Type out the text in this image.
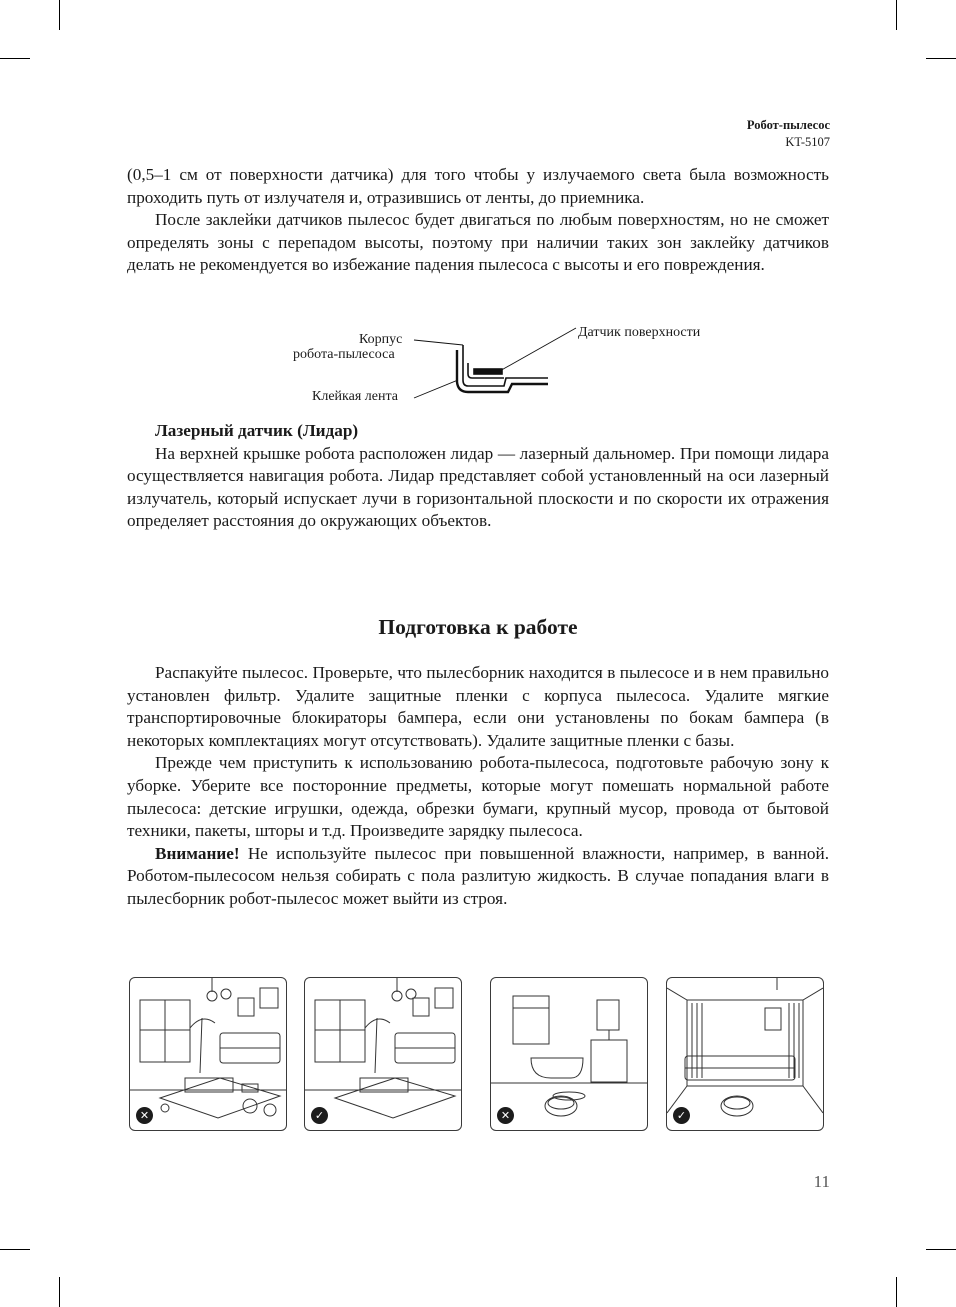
Робот-пылесос
KT-5107

(0,5–1 см от поверхности датчика) для того чтобы у излучаемого света была возможность проходить путь от излучателя и, отразившись от ленты, до приемника.

После заклейки датчиков пылесос будет двигаться по любым поверхностям, но не сможет определять зоны с перепадом высоты, поэтому при наличии таких зон заклейку датчиков делать не рекомендуется во избежание падения пылесоса с высоты и его повреждения.

Корпус
робота-пылесоса
Клейкая лента
Датчик поверхности
Лазерный датчик (Лидар)

На верхней крышке робота расположен лидар — лазерный дальномер. При помощи лидара осуществляется навигация робота. Лидар представляет собой установленный на оси лазерный излучатель, который испускает лучи в горизонтальной плоскости и по скорости их отражения определяет расстояния до окружающих объектов.

Подготовка к работе

Распакуйте пылесос. Проверьте, что пылесборник находится в пылесосе и в нем правильно установлен фильтр. Удалите защитные пленки с корпуса пылесоса. Удалите мягкие транспортировочные блокираторы бампера, если они установлены по бокам бампера (в некоторых комплектациях могут отсутствовать). Удалите защитные пленки с базы.

Прежде чем приступить к использованию робота-пылесоса, подготовьте рабочую зону к уборке. Уберите все посторонние предметы, которые могут помешать нормальной работе пылесоса: детские игрушки, одежда, обрезки бумаги, крупный мусор, провода от бытовой техники, пакеты, шторы и т.д. Произведите зарядку пылесоса.

Внимание! Не используйте пылесос при повышенной влажности, например, в ванной. Роботом-пылесосом нельзя собирать с пола разлитую жидкость. В случае попадания влаги в пылесборник робот-пылесос может выйти из строя.

✕	✓	✕	✓
11
